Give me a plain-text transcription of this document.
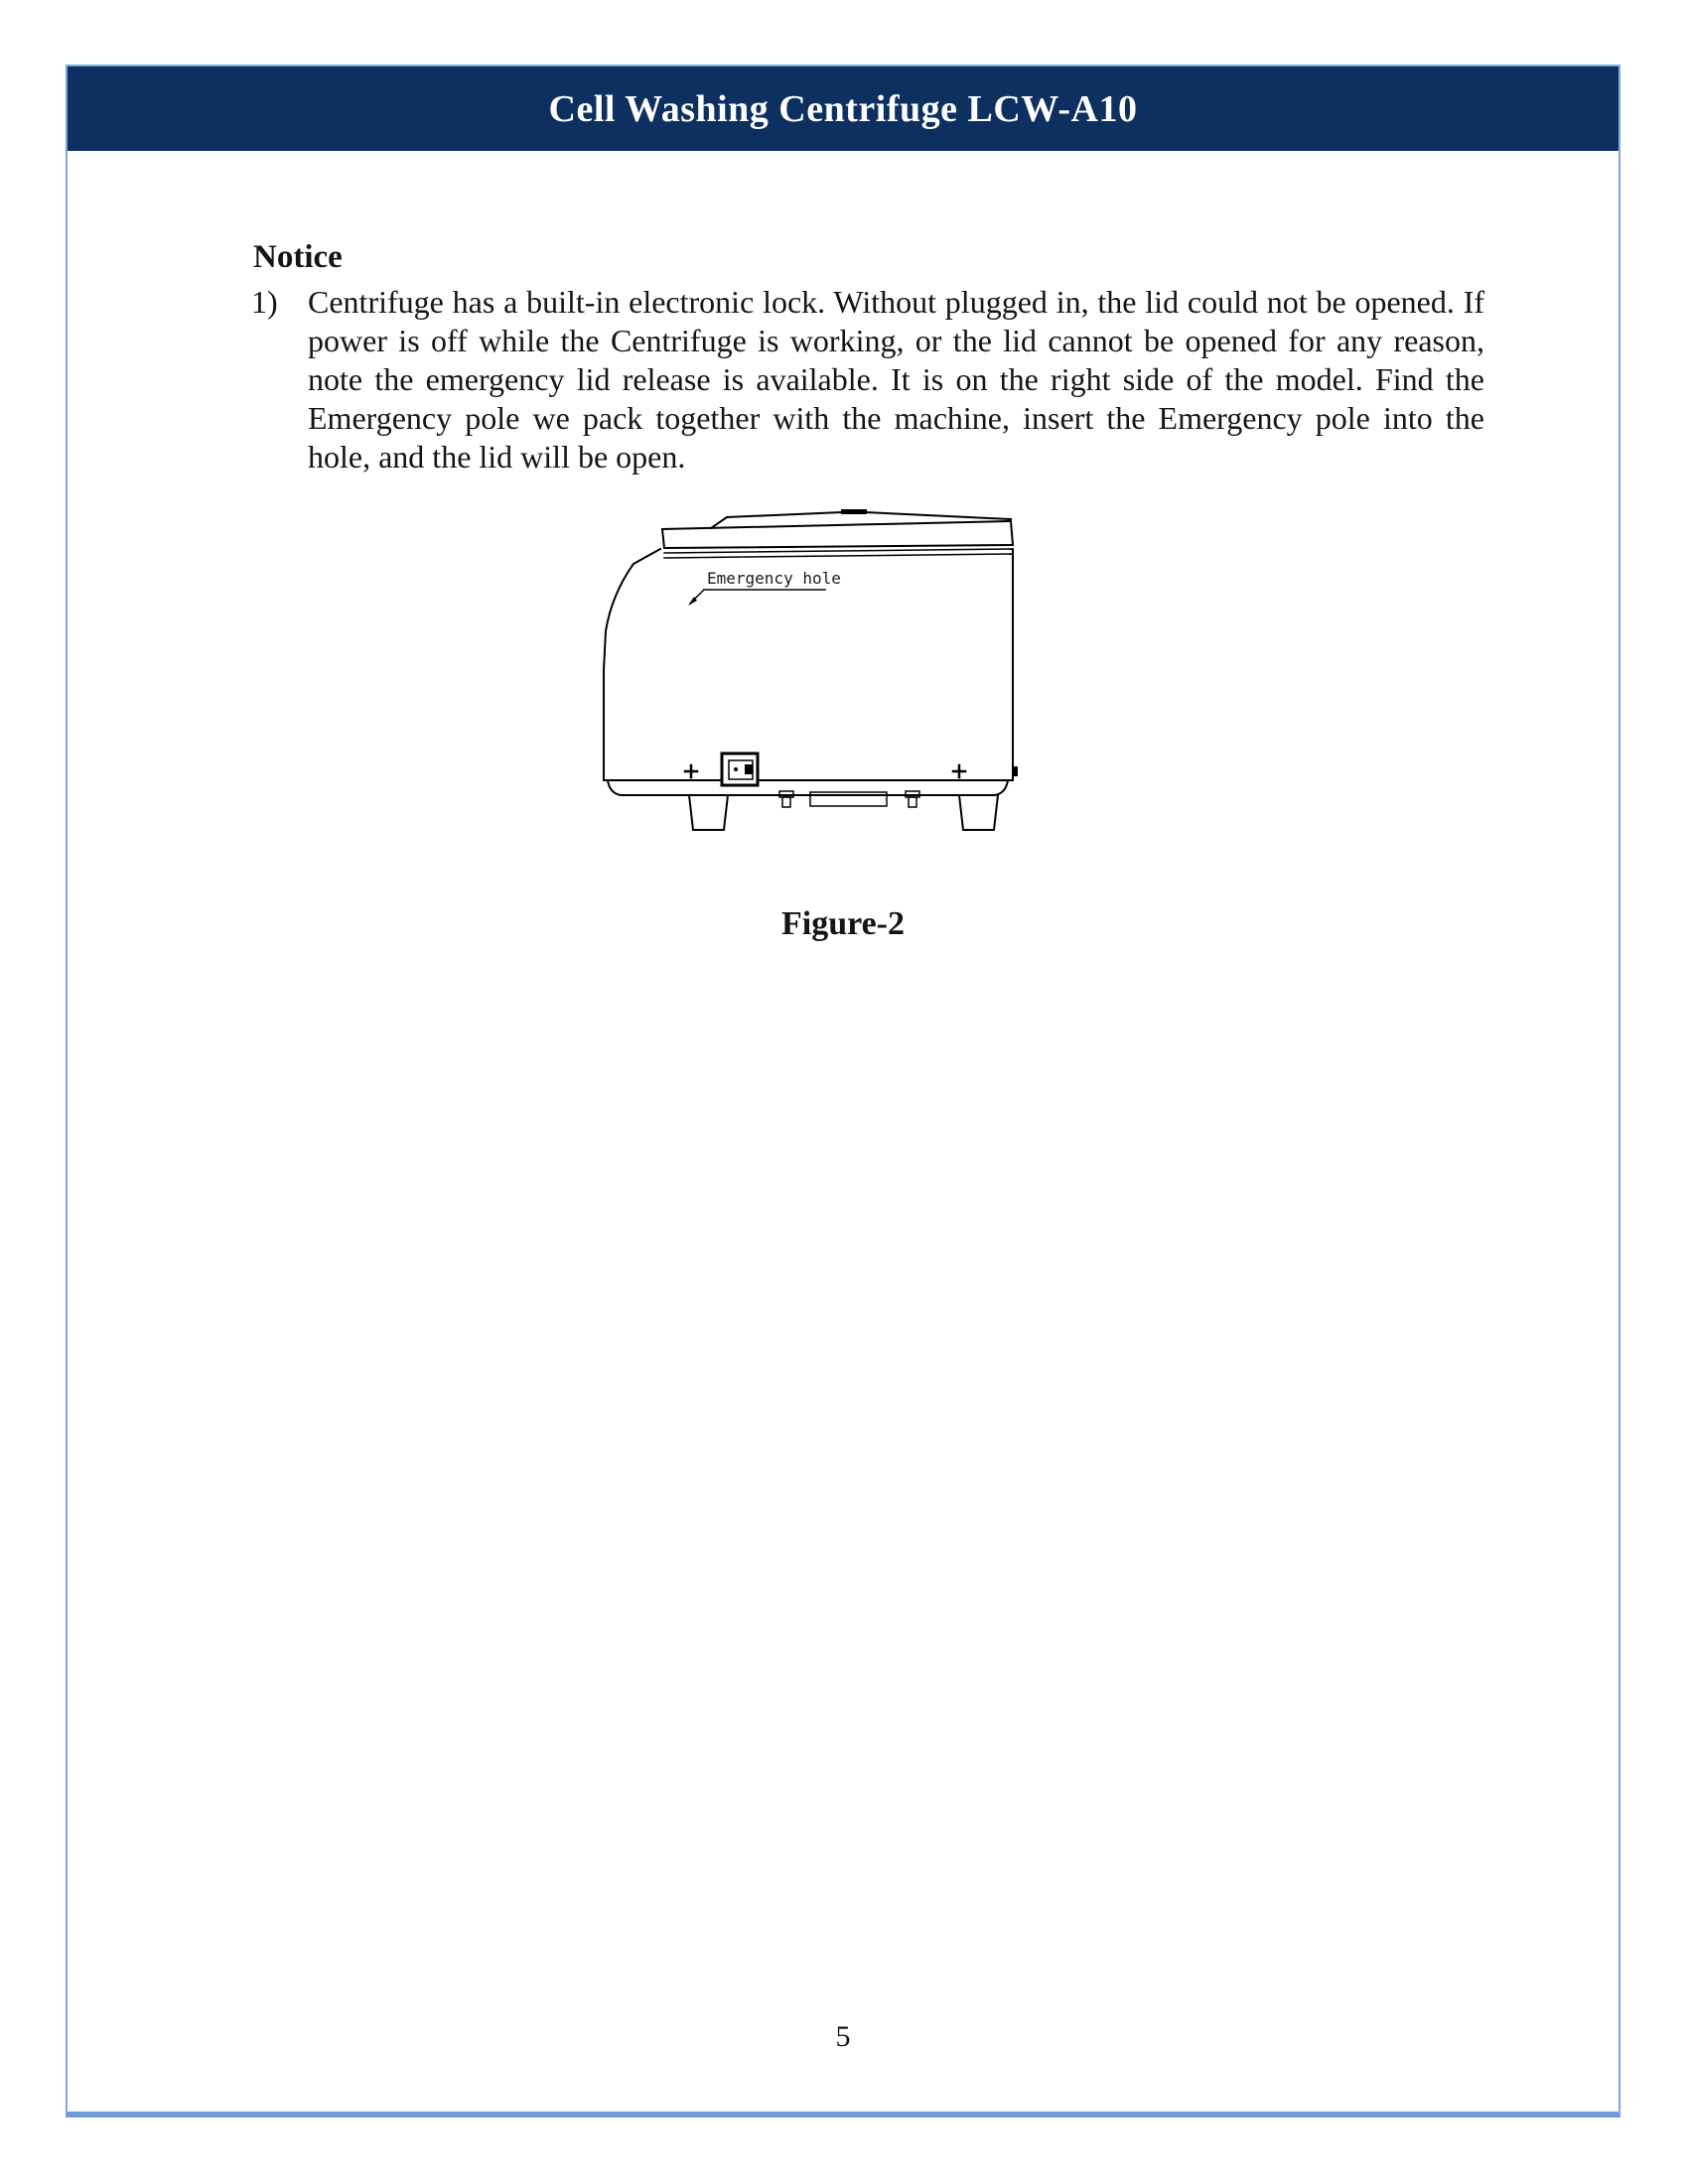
Cell Washing Centrifuge LCW-A10
Notice
1) Centrifuge has a built-in electronic lock. Without plugged in, the lid could not be opened. If power is off while the Centrifuge is working, or the lid cannot be opened for any reason, note the emergency lid release is available. It is on the right side of the model. Find the Emergency pole we pack together with the machine, insert the Emergency pole into the hole, and the lid will be open.

Emergency hole
Figure-2
5
